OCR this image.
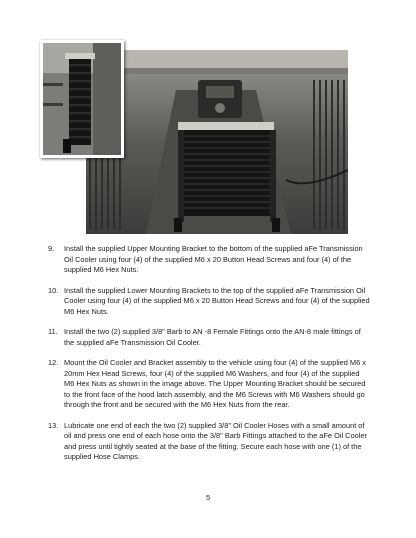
9. Install the supplied Upper Mounting Bracket to the bottom of the supplied aFe Transmission Oil Cooler using four (4) of the supplied M6 x 20 Button Head Screws and four (4) of the supplied M6 Hex Nuts.
10. Install the supplied Lower Mounting Brackets to the top of the supplied aFe Transmission Oil Cooler using four (4) of the supplied M6 x 20 Button Head Screws and four (4) of the supplied M6 Hex Nuts.
11. Install the two (2) supplied 3/8" Barb to AN -8 Female Fittings onto the AN-8 male fittings of the supplied aFe Transmission Oil Cooler.
12. Mount the Oil Cooler and Bracket assembly to the vehicle using four (4) of the supplied M6 x 20mm Hex Head Screws, four (4) of the supplied M6 Washers, and four (4) of the supplied M6 Hex Nuts as shown in the image above. The Upper Mounting Bracket should be secured to the front face of the hood latch assembly, and the M6 Screws with M6 Washers should go through the front and be secured with the M6 Hex Nuts from the rear.
13. Lubricate one end of each the two (2) supplied 3/8" Oil Cooler Hoses with a small amount of oil and press one end of each hose onto the 3/8" Barb Fittings attached to the aFe Oil Cooler and press until tightly seated at the base of the fitting. Secure each hose with one (1) of the supplied Hose Clamps.
5
